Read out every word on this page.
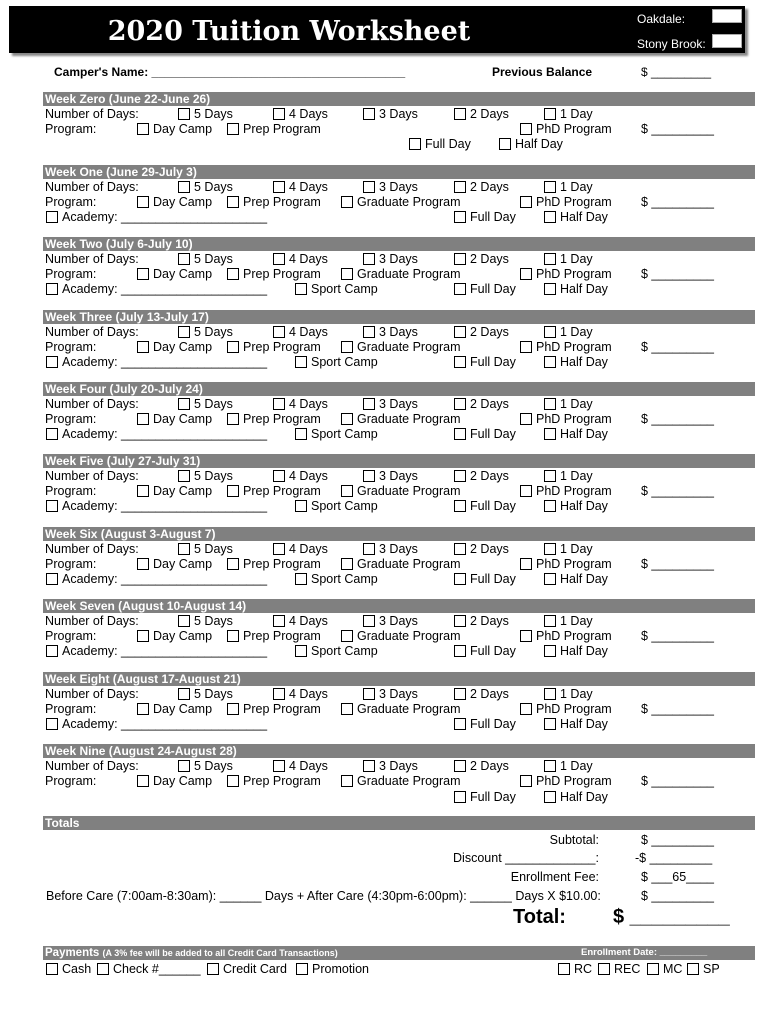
2020 Tuition Worksheet	Oakdale:
Stony Brook:
Camper's Name: ______________________________________	Previous Balance	$ _________
Week Zero (June 22-June 26)
Number of Days:	5 Days	4 Days	3 Days	2 Days	1 Day
Program:	Day Camp Prep Program	PhD Program $ _________
Full Day	Half Day
Week One (June 29-July 3)
Number of Days:	5 Days	4 Days	3 Days	2 Days	1 Day
Program:	Day Camp Prep Program	Graduate Program	PhD Program $ _________
Academy: _____________________	Full Day	Half Day
Week Two (July 6-July 10)
Number of Days:	5 Days	4 Days	3 Days	2 Days	1 Day
Program:	Day Camp Prep Program	Graduate Program	PhD Program $ _________
Academy: _____________________	Sport Camp	Full Day	Half Day
Week Three (July 13-July 17)
Number of Days:	5 Days	4 Days	3 Days	2 Days	1 Day
Program:	Day Camp Prep Program	Graduate Program	PhD Program $ _________
Academy: _____________________	Sport Camp	Full Day	Half Day
Week Four (July 20-July 24)
Number of Days:	5 Days	4 Days	3 Days	2 Days	1 Day
Program:	Day Camp Prep Program	Graduate Program	PhD Program $ _________
Academy: _____________________	Sport Camp	Full Day	Half Day
Week Five (July 27-July 31)
Number of Days:	5 Days	4 Days	3 Days	2 Days	1 Day
Program:	Day Camp Prep Program	Graduate Program	PhD Program $ _________
Academy: _____________________	Sport Camp	Full Day	Half Day
Week Six (August 3-August 7)
Number of Days:	5 Days	4 Days	3 Days	2 Days	1 Day
Program:	Day Camp Prep Program	Graduate Program	PhD Program $ _________
Academy: _____________________	Sport Camp	Full Day	Half Day
Week Seven (August 10-August 14)
Number of Days:	5 Days	4 Days	3 Days	2 Days	1 Day
Program:	Day Camp Prep Program	Graduate Program	PhD Program $ _________
Academy: _____________________	Sport Camp	Full Day	Half Day
Week Eight (August 17-August 21)
Number of Days:	5 Days	4 Days	3 Days	2 Days	1 Day
Program:	Day Camp Prep Program	Graduate Program	PhD Program $ _________
Academy: _____________________	Full Day	Half Day
Week Nine (August 24-August 28)
Number of Days:	5 Days	4 Days	3 Days	2 Days	1 Day
Program:	Day Camp Prep Program	Graduate Program	PhD Program $ _________
Full Day	Half Day
Totals
Subtotal:	$ _________
Discount _____________:	-$ _________
Enrollment Fee:	$ ___65____
Before Care (7:00am-8:30am): ______ Days + After Care (4:30pm-6:00pm): ______ Days X $10.00:	$ _________
Total: $ _________
Payments (A 3% fee will be added to all Credit Card Transactions)	Enrollment Date: _________
Cash Check #______ Credit Card Promotion	RC REC MC SP
